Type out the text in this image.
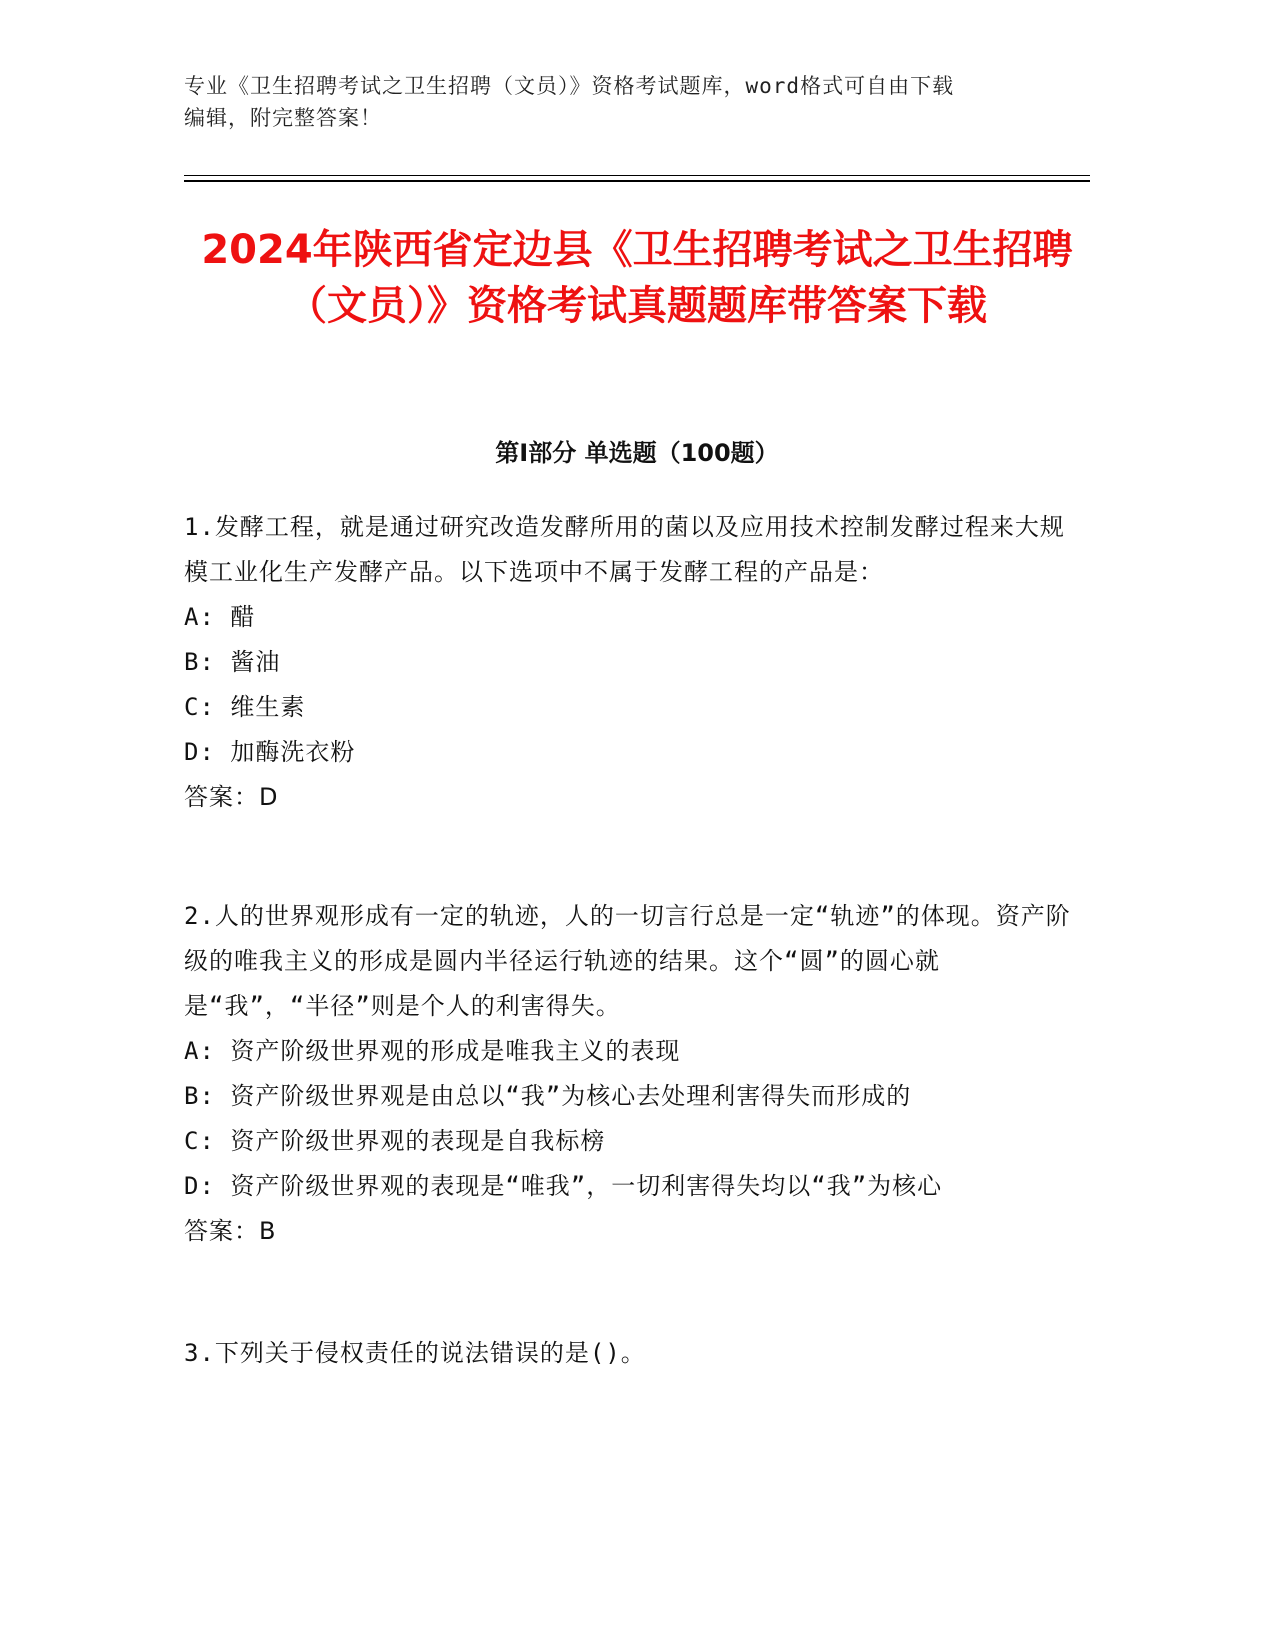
专业《卫生招聘考试之卫生招聘（文员）》资格考试题库，word格式可自由下载
编辑，附完整答案！
2024年陕西省定边县《卫生招聘考试之卫生招聘（文员）》资格考试真题题库带答案下载
第Ⅰ部分 单选题（100题）

1.发酵工程，就是通过研究改造发酵所用的菌以及应用技术控制发酵过程来大规模工业化生产发酵产品。以下选项中不属于发酵工程的产品是：

A: 醋

B: 酱油

C: 维生素

D: 加酶洗衣粉

答案：D

2.人的世界观形成有一定的轨迹，人的一切言行总是一定“轨迹”的体现。资产阶级的唯我主义的形成是圆内半径运行轨迹的结果。这个“圆”的圆心就是“我”，“半径”则是个人的利害得失。

A: 资产阶级世界观的形成是唯我主义的表现

B: 资产阶级世界观是由总以“我”为核心去处理利害得失而形成的

C: 资产阶级世界观的表现是自我标榜

D: 资产阶级世界观的表现是“唯我”，一切利害得失均以“我”为核心

答案：B

3.下列关于侵权责任的说法错误的是()。
